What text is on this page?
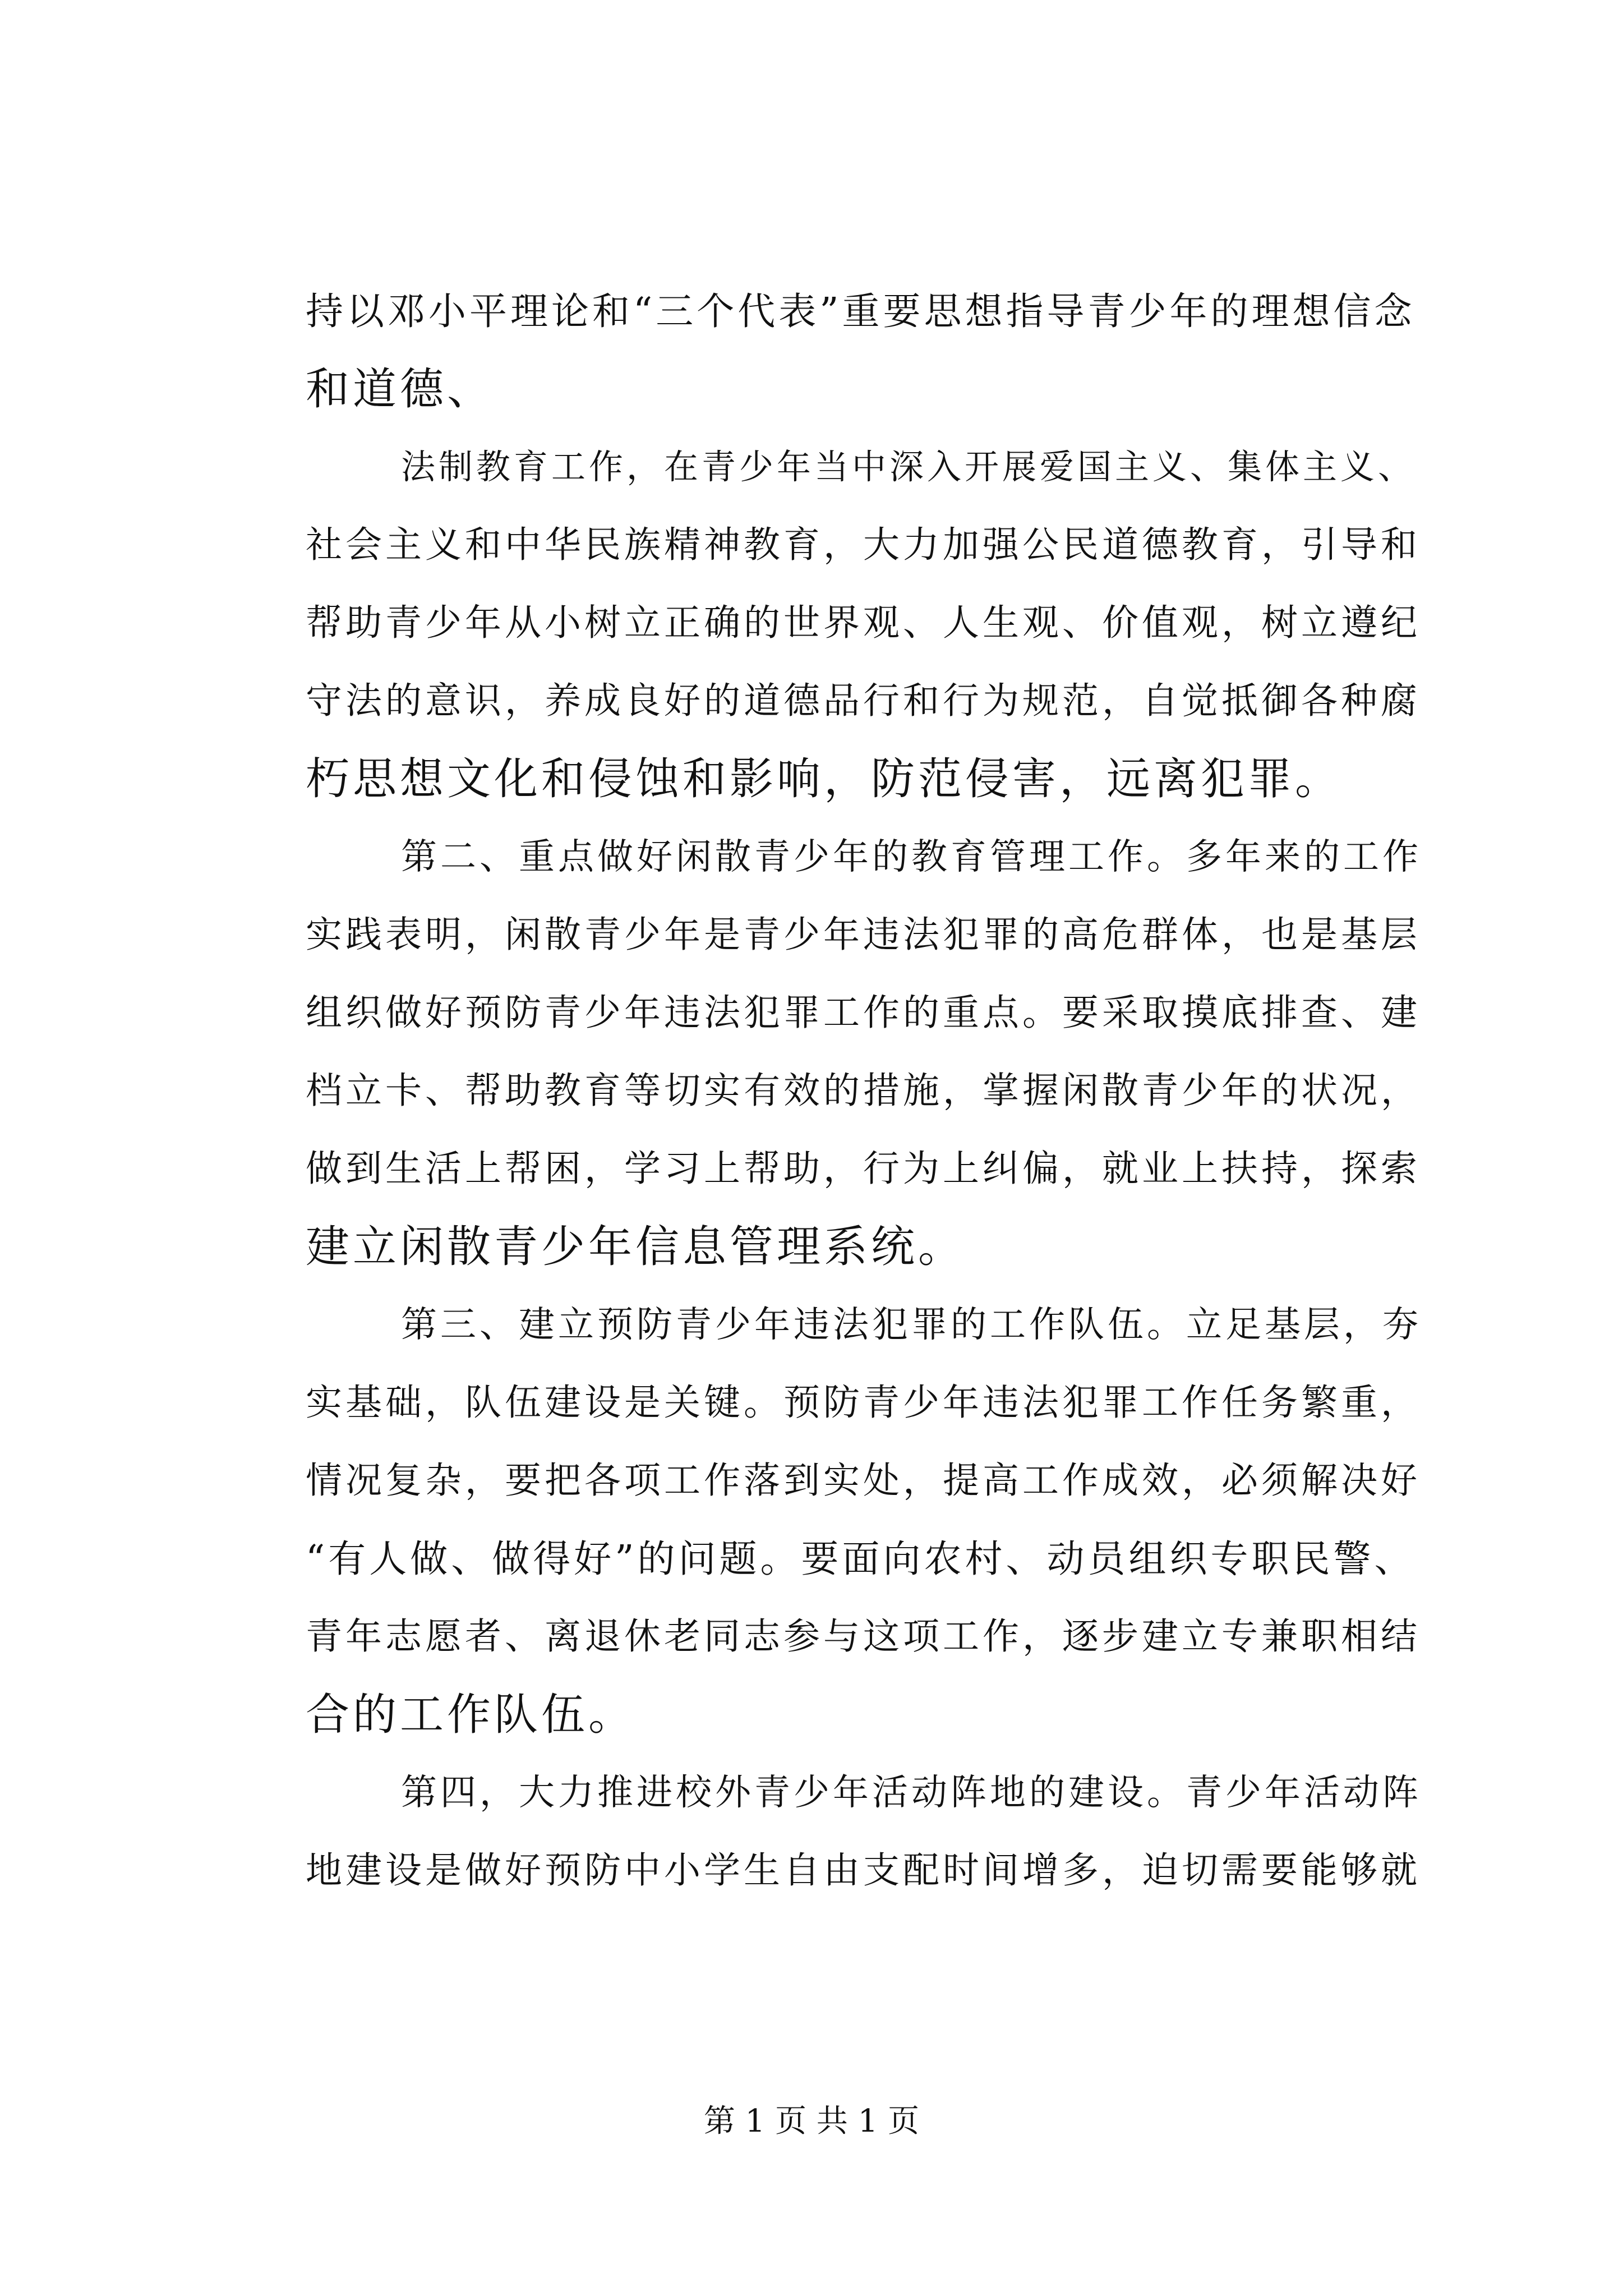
持以邓小平理论和“三个代表”重要思想指导青少年的理想信念
和道德、
法制教育工作，在青少年当中深入开展爱国主义、集体主义、
社会主义和中华民族精神教育，大力加强公民道德教育，引导和
帮助青少年从小树立正确的世界观、人生观、价值观，树立遵纪
守法的意识，养成良好的道德品行和行为规范，自觉抵御各种腐
朽思想文化和侵蚀和影响，防范侵害，远离犯罪。
第二、重点做好闲散青少年的教育管理工作。多年来的工作
实践表明，闲散青少年是青少年违法犯罪的高危群体，也是基层
组织做好预防青少年违法犯罪工作的重点。要采取摸底排查、建
档立卡、帮助教育等切实有效的措施，掌握闲散青少年的状况，
做到生活上帮困，学习上帮助，行为上纠偏，就业上扶持，探索
建立闲散青少年信息管理系统。
第三、建立预防青少年违法犯罪的工作队伍。立足基层，夯
实基础，队伍建设是关键。预防青少年违法犯罪工作任务繁重，
情况复杂，要把各项工作落到实处，提高工作成效，必须解决好
“有人做、做得好”的问题。要面向农村、动员组织专职民警、
青年志愿者、离退休老同志参与这项工作，逐步建立专兼职相结
合的工作队伍。
第四，大力推进校外青少年活动阵地的建设。青少年活动阵
地建设是做好预防中小学生自由支配时间增多，迫切需要能够就
第 1 页 共 1 页
